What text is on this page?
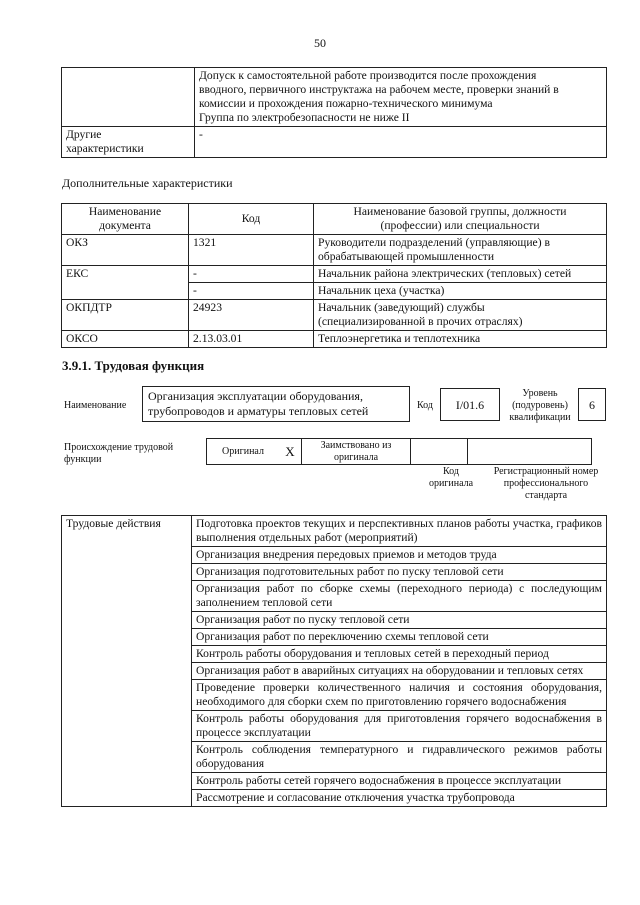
50

	Допуск к самостоятельной работе производится после прохождения
вводного, первичного инструктажа на рабочем месте, проверки знаний в
комиссии и прохождения пожарно-технического минимума
Группа по электробезопасности не ниже II

Другие
характеристики	-
Дополнительные характеристики
Наименование
документа	Код	Наименование базовой группы, должности
(профессии) или специальности

ОКЗ	1321	Руководители подразделений (управляющие) в
обрабатывающей промышленности

ЕКС	-	Начальник района электрических (тепловых) сетей

	-	Начальник цеха (участка)

ОКПДТР	24923	Начальник (заведующий) службы
(специализированной в прочих отраслях)

ОКСО	2.13.03.01	Теплоэнергетика и теплотехника
3.9.1. Трудовая функция
Наименование
Организация эксплуатации оборудования,
трубопроводов и арматуры тепловых сетей	Код	I/01.6
Уровень
(подуровень)
квалификации
6
Происхождение трудовой
функции
Оригинал	X	Заимствовано из
оригинала

Код
оригинала
Регистрационный номер
профессионального
стандарта
Трудовые действия	Подготовка проектов текущих и перспективных планов работы участка, графиков выполнения отдельных работ (мероприятий)
Организация внедрения передовых приемов и методов труда
Организация подготовительных работ по пуску тепловой сети
Организация работ по сборке схемы (переходного периода) с последующим заполнением тепловой сети
Организация работ по пуску тепловой сети
Организация работ по переключению схемы тепловой сети
Контроль работы оборудования и тепловых сетей в переходный период
Организация работ в аварийных ситуациях на оборудовании и тепловых сетях
Проведение проверки количественного наличия и состояния оборудования, необходимого для сборки схем по приготовлению горячего водоснабжения
Контроль работы оборудования для приготовления горячего водоснабжения в процессе эксплуатации
Контроль соблюдения температурного и гидравлического режимов работы оборудования
Контроль работы сетей горячего водоснабжения в процессе эксплуатации
Рассмотрение и согласование отключения участка трубопровода
